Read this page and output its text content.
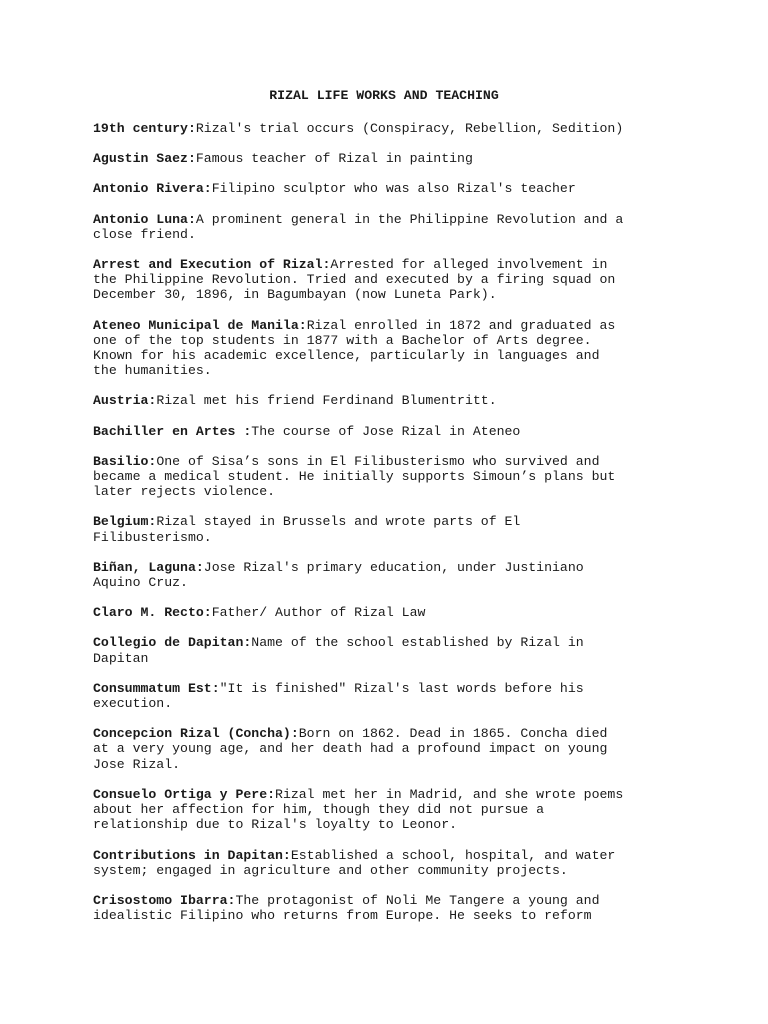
RIZAL LIFE WORKS AND TEACHING
19th century:Rizal's trial occurs (Conspiracy, Rebellion, Sedition)
Agustin Saez:Famous teacher of Rizal in painting
Antonio Rivera:Filipino sculptor who was also Rizal's teacher
Antonio Luna:A prominent general in the Philippine Revolution and a
close friend.
Arrest and Execution of Rizal:Arrested for alleged involvement in
the Philippine Revolution. Tried and executed by a firing squad on
December 30, 1896, in Bagumbayan (now Luneta Park).
Ateneo Municipal de Manila:Rizal enrolled in 1872 and graduated as
one of the top students in 1877 with a Bachelor of Arts degree.
Known for his academic excellence, particularly in languages and
the humanities.
Austria:Rizal met his friend Ferdinand Blumentritt.
Bachiller en Artes :The course of Jose Rizal in Ateneo
Basilio:One of Sisa’s sons in El Filibusterismo who survived and
became a medical student. He initially supports Simoun’s plans but
later rejects violence.
Belgium:Rizal stayed in Brussels and wrote parts of El
Filibusterismo.
Biñan, Laguna:Jose Rizal's primary education, under Justiniano
Aquino Cruz.
Claro M. Recto:Father/ Author of Rizal Law
Collegio de Dapitan:Name of the school established by Rizal in
Dapitan
Consummatum Est:"It is finished" Rizal's last words before his
execution.
Concepcion Rizal (Concha):Born on 1862. Dead in 1865. Concha died
at a very young age, and her death had a profound impact on young
Jose Rizal.
Consuelo Ortiga y Pere:Rizal met her in Madrid, and she wrote poems
about her affection for him, though they did not pursue a
relationship due to Rizal's loyalty to Leonor.
Contributions in Dapitan:Established a school, hospital, and water
system; engaged in agriculture and other community projects.
Crisostomo Ibarra:The protagonist of Noli Me Tangere a young and
idealistic Filipino who returns from Europe. He seeks to reform
